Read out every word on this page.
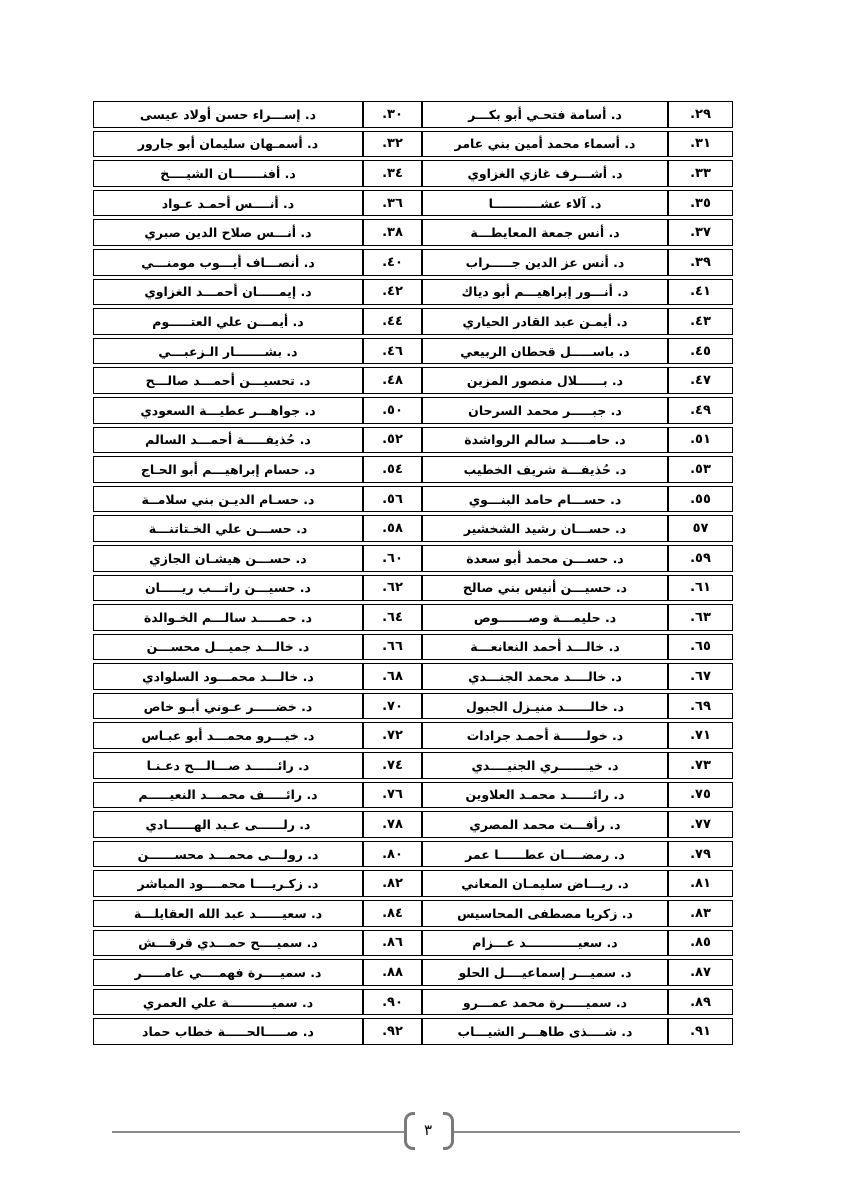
٢٩.	د. أسامة فتحـي أبو بكـــر	٣٠.	د. إســـراء حسن أولاد عيسى
٣١.	د. أسماء محمد أمين بني عامر	٣٢.	د. أسمـهان سليمان أبو جارور
٣٣.	د. أشـــرف غازي الغزاوي	٣٤.	د. أفنـــــــان الشيــــخ
٣٥.	د. آلاء عشـــــــــــا	٣٦.	د. أنــــس أحمـد عـواد
٣٧.	د. أنس جمعة المعايطـــة	٣٨.	د. أنـــس صلاح الدين صبري
٣٩.	د. أنس عز الدين جـــــراب	٤٠.	د. أنصـــاف أيـــوب مومنـــي
٤١.	د. أنـــور إبراهيـــم أبو دياك	٤٢.	د. إيمـــــان أحمـــد الغزاوي
٤٣.	د. أيمـن عبد القادر الحياري	٤٤.	د. أيمـــن علي العتـــــوم
٤٥.	د. باســـــل قحطان الربيعي	٤٦.	د. بشـــــــار الـزعبـــي
٤٧.	د. بــــــلال منصور المزين	٤٨.	د. تحسيـــن أحمـــد صالـــح
٤٩.	د. جبـــــر محمد السرحان	٥٠.	د. جواهـــر عطيـــة السعودي
٥١.	د. حامـــــد سالم الرواشدة	٥٢.	د. حُذيفـــــة أحمـــد السالم
٥٣.	د. حُذيفـــة شريف الخطيب	٥٤.	د. حسام إبراهيـــم أبو الحـاج
٥٥.	د. حســـام حامد البنـــوي	٥٦.	د. حسـام الديـن بني سلامــة
٥٧	د. حســـان رشيد الشخشير	٥٨.	د. حســـن علي الخـتاتنـــة
٥٩.	د. حســـن محمد أبو سعدة	٦٠.	د. حســـن هيشـان الجازي
٦١.	د. حسيـــن أنيس بني صالح	٦٢.	د. حسيـــن راتـــب ريـــــان
٦٣.	د. حليمـــة وصـــــــوص	٦٤.	د. حمـــــد سالـــم الخـوالدة
٦٥.	د. خالـــد أحمد النعانعـــة	٦٦.	د. خالـــد جميـــل محســـن
٦٧.	د. خالــــد محمد الجنـــدي	٦٨.	د. خالـــد محمـــود السلوادي
٦٩.	د. خالــــــد منيـزل الجبول	٧٠.	د. خضـــــر عـوني أبـو خاص
٧١.	د. خولــــــة أحمـد جرادات	٧٢.	د. خيـــرو محمـــد أبو عبـاس
٧٣.	د. خيـــــــري الجنيــــدي	٧٤.	د. رائــــــد صـــالـــح دعـنـا
٧٥.	د. رائــــــد محمـد العلاوين	٧٦.	د. رائـــــف محمـــد النعيـــــم
٧٧.	د. رأفـــت محمد المصري	٧٨.	د. رلــــــى عـبد الهــــــادي
٧٩.	د. رمضــــان عطــــــا عمر	٨٠.	د. رولـــى محمـــد محســــــن
٨١.	د. ريـــاض سليمـان المعاني	٨٢.	د. زكـريــــا محمــــود المباشر
٨٣.	د. زكريا مصطفى المحاسيس	٨٤.	د. سعيــــــد عبد الله العقايلـــة
٨٥.	د. سعيــــــــــــد عـــزام	٨٦.	د. سميــــح حمـــدي قرقـــش
٨٧.	د. سميـــر إسماعيــــل الحلو	٨٨.	د. سميــــرة فهمــــي عامـــــر
٨٩.	د. سميـــــرة محمد عمـــرو	٩٠.	د. سميــــــــــة علي العمري
٩١.	د. شــــذى طاهـــر الشيـــاب	٩٢.	د. صـــــالحـــــة خطاب حماد
٣
